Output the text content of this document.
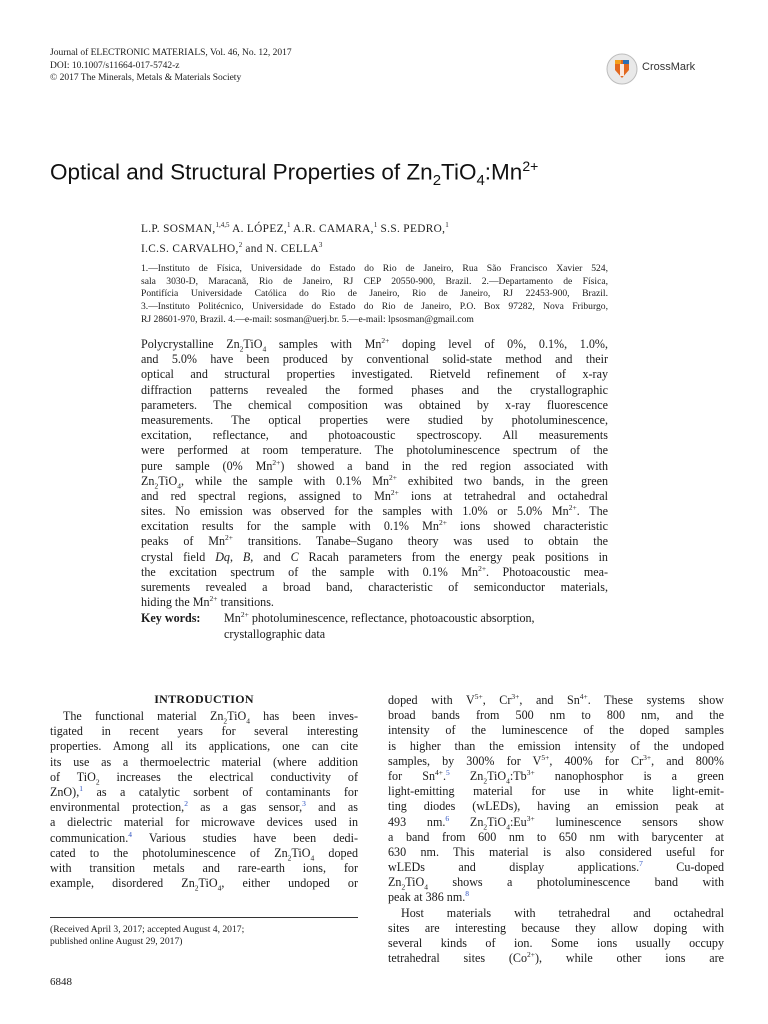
Journal of ELECTRONIC MATERIALS, Vol. 46, No. 12, 2017
DOI: 10.1007/s11664-017-5742-z
© 2017 The Minerals, Metals & Materials Society
CrossMark
Optical and Structural Properties of $Zn_2TiO_4:Mn^{2+}$
L.P. SOSMAN,$^{1,4,5}$ A. LÓPEZ,$^1$ A.R. CAMARA,$^1$ S.S. PEDRO,$^1$
I.C.S. CARVALHO,$^2$ and N. CELLA$^3$
1.—Instituto de Física, Universidade do Estado do Rio de Janeiro, Rua São Francisco Xavier 524,
sala 3030-D, Maracanã, Rio de Janeiro, RJ CEP 20550-900, Brazil. 2.—Departamento de Física,
Pontifícia Universidade Católica do Rio de Janeiro, Rio de Janeiro, RJ 22453-900, Brazil.
3.—Instituto Politécnico, Universidade do Estado do Rio de Janeiro, P.O. Box 97282, Nova Friburgo,
RJ 28601-970, Brazil. 4.—e-mail: sosman@uerj.br. 5.—e-mail: lpsosman@gmail.com
Polycrystalline $Zn_2TiO_4$ samples with $Mn^{2+}$ doping level of 0%, 0.1%, 1.0%,
and 5.0% have been produced by conventional solid-state method and their
optical and structural properties investigated. Rietveld refinement of x-ray
diffraction patterns revealed the formed phases and the crystallographic
parameters. The chemical composition was obtained by x-ray fluorescence
measurements. The optical properties were studied by photoluminescence,
excitation, reflectance, and photoacoustic spectroscopy. All measurements
were performed at room temperature. The photoluminescence spectrum of the
pure sample (0% $Mn^{2+}$) showed a band in the red region associated with
$Zn_2TiO_4$, while the sample with 0.1% $Mn^{2+}$ exhibited two bands, in the green
and red spectral regions, assigned to $Mn^{2+}$ ions at tetrahedral and octahedral
sites. No emission was observed for the samples with 1.0% or 5.0% $Mn^{2+}$. The
excitation results for the sample with 0.1% $Mn^{2+}$ ions showed characteristic
peaks of $Mn^{2+}$ transitions. Tanabe–Sugano theory was used to obtain the
crystal field Dq, B, and C Racah parameters from the energy peak positions in
the excitation spectrum of the sample with 0.1% $Mn^{2+}$. Photoacoustic mea-
surements revealed a broad band, characteristic of semiconductor materials,
hiding the $Mn^{2+}$ transitions.
Key words: $Mn^{2+}$ photoluminescence, reflectance, photoacoustic absorption,
crystallographic data
INTRODUCTION
The functional material $Zn_2TiO_4$ has been inves-
tigated in recent years for several interesting
properties. Among all its applications, one can cite
its use as a thermoelectric material (where addition
of TiO$_2$ increases the electrical conductivity of
ZnO),$^1$ as a catalytic sorbent of contaminants for
environmental protection,$^2$ as a gas sensor,$^3$ and as
a dielectric material for microwave devices used in
communication.$^4$ Various studies have been dedi-
cated to the photoluminescence of $Zn_2TiO_4$ doped
with transition metals and rare-earth ions, for
example, disordered $Zn_2TiO_4$, either undoped or
doped with $V^{5+}$, $Cr^{3+}$, and $Sn^{4+}$. These systems show
broad bands from 500 nm to 800 nm, and the
intensity of the luminescence of the doped samples
is higher than the emission intensity of the undoped
samples, by 300% for $V^{5+}$, 400% for $Cr^{3+}$, and 800%
for $Sn^{4+}.^5$ $Zn_2TiO_4:Tb^{3+}$ nanophosphor is a green
light-emitting material for use in white light-emit-
ting diodes (wLEDs), having an emission peak at
493 nm.$^6$ $Zn_2TiO_4:Eu^{3+}$ luminescence sensors show
a band from 600 nm to 650 nm with barycenter at
630 nm. This material is also considered useful for
wLEDs and display applications.$^7$ Cu-doped
$Zn_2TiO_4$ shows a photoluminescence band with
peak at 386 nm.$^8$
Host materials with tetrahedral and octahedral
sites are interesting because they allow doping with
several kinds of ion. Some ions usually occupy
tetrahedral sites $(Co^{2+})$, while other ions are
(Received April 3, 2017; accepted August 4, 2017;
published online August 29, 2017)
6848
